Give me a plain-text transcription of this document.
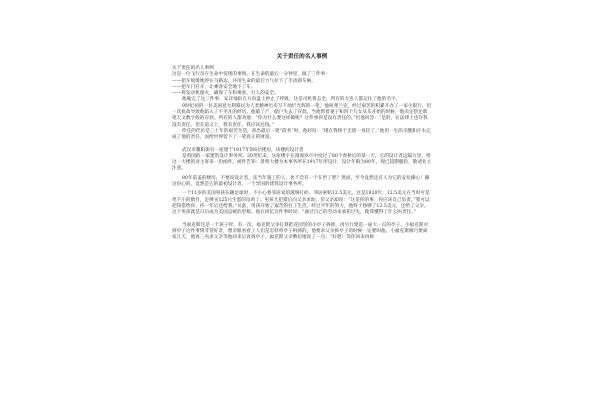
关于责任的名人事例

关于责任的名人事例

这是一位飞行员在生命中发现的事情。在生命的最后一分钟里，做了三件事：

——把车缓缓地停在马路边，并用生命的最后力气拉下了手动刹车闸。

——把车门打开，让乘客安全地下了车。

——将发动机熄火，确保了车和乘客、行人的安全。

他做完了这三件事，安详地趴在方向盘上停止了呼吸。这是司机黄志全，所有的大连人都记住了他的名字。

9时纪初的一位美国意大利移民为人类精神历史写下灿烂光辉的一笔，他叫弗兰克，经过艰苦的积累开办了一家小银行。但一次抢劫导致他陷入了不平凡的经历。他破了产，储户失去了存款。当他带着妻子和四个儿女从头开始的时候，他决定偿还那笔天文数字般的存款。所有的人都劝他：“你为什么要这样做呢？这件事你是没有责任的。”但他回答：“是的，在法律上也许我没有责任，但在道义上，我有责任，我应该还钱。”

偿还的代价是三十年的艰苦生活，寄出最后一笔“债务”时，他轻叹：“现在我终于无债一身轻了。”他用一生的辛酸和汗水完成了他的责任，而给世界留下了一笔真正的财富。

武汉市鄱阳街有一座建于1917年的6层楼房，该楼的设计者

是英国的一家建筑设计事务所。20世纪末，这座楼宇在漫漫岁月中度过了80个春秋后的某一天，它的设计者远隔万里，给这一大楼的业主寄来一份函件。函件告知：景明大楼为本事务所在1917年所设计，设计年限为80年，现已超期服役，敬请业主注意。

80年前盖的楼房，不要说设计者，连当年施工的人，也不会有一个在世了吧？然而，至今竟然还有人为它的安危操心！操这份心的，竟然是它的最初设计者，一个异国的建筑设计事务所。

一个11岁的美国男孩在踢足球时，不小心将邻居家的玻璃打碎，邻居索赔12.5美元。这是1920年，12.5美元在当时可是笔不小的数目，足够买125只生蛋的母鸡了。男孩儿犯错后向父亲求助，但父亲却说：“这是你的事，你应该自己负责。”我可以把钱借给你，你一年后还给我。”从此，男孩开始了艰苦的打工生活。经过半年的努力，他终于挣够了12.5美元，还给了父亲。这个男孩就是日后成为美国总统的里根。他在回忆这件事时说：“通过自己的劳动来承担过失，使我懂得了什么叫责任。”

当福克斯还是一个孩子时，有一次，福克斯父亲打算把花园里的小亭子拆掉，再另行建造一座大一点的亭子。小福克斯对拆亭子这件事情非常好奇，想亲眼看看工人们是怎样将亭子拆掉的，他要求父亲拆亭子的时候一定要叫他。小福克斯刚巧要离家几天，他再三央求父亲等他回来后再拆亭子。福克斯父亲敷衍地说了一句：“好吧！等你回来再拆
